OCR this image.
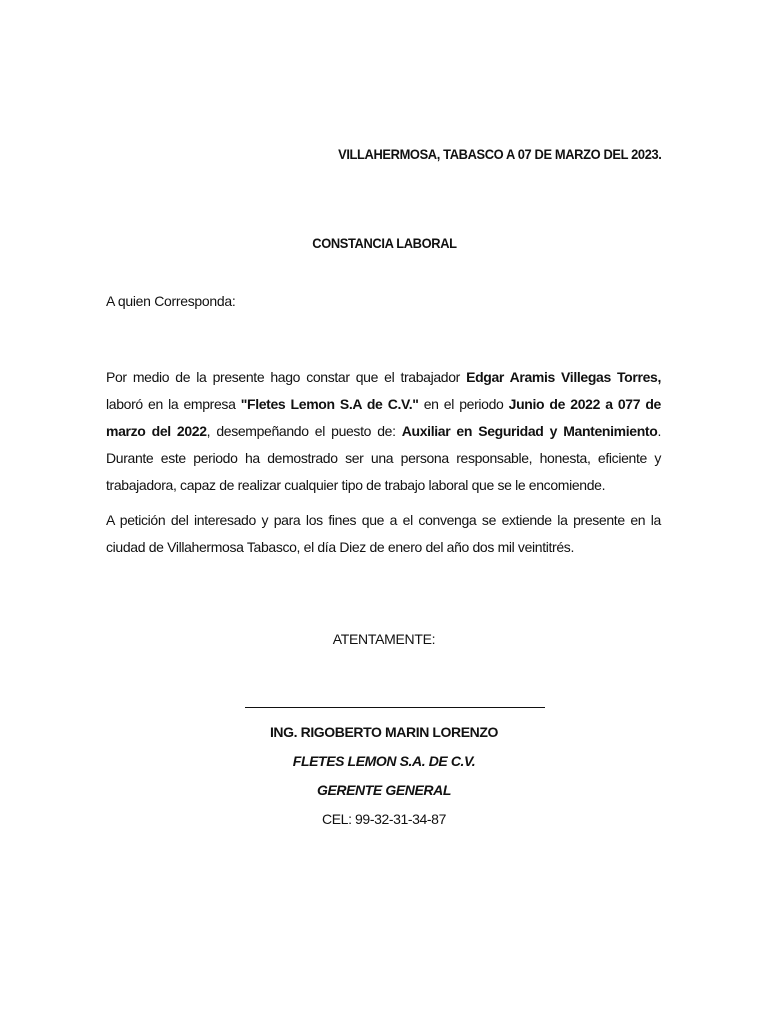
VILLAHERMOSA, TABASCO A 07 DE MARZO DEL 2023.
CONSTANCIA LABORAL
A quien Corresponda:
Por medio de la presente hago constar que el trabajador Edgar Aramis Villegas Torres, laboró en la empresa "Fletes Lemon S.A de C.V." en el periodo Junio de 2022 a 077 de marzo del 2022, desempeñando el puesto de: Auxiliar en Seguridad y Mantenimiento. Durante este periodo ha demostrado ser una persona responsable, honesta, eficiente y trabajadora, capaz de realizar cualquier tipo de trabajo laboral que se le encomiende.
A petición del interesado y para los fines que a el convenga se extiende la presente en la ciudad de Villahermosa Tabasco, el día Diez de enero del año dos mil veintitrés.
ATENTAMENTE:
ING. RIGOBERTO MARIN LORENZO
FLETES LEMON S.A. DE C.V.
GERENTE GENERAL
CEL: 99-32-31-34-87
